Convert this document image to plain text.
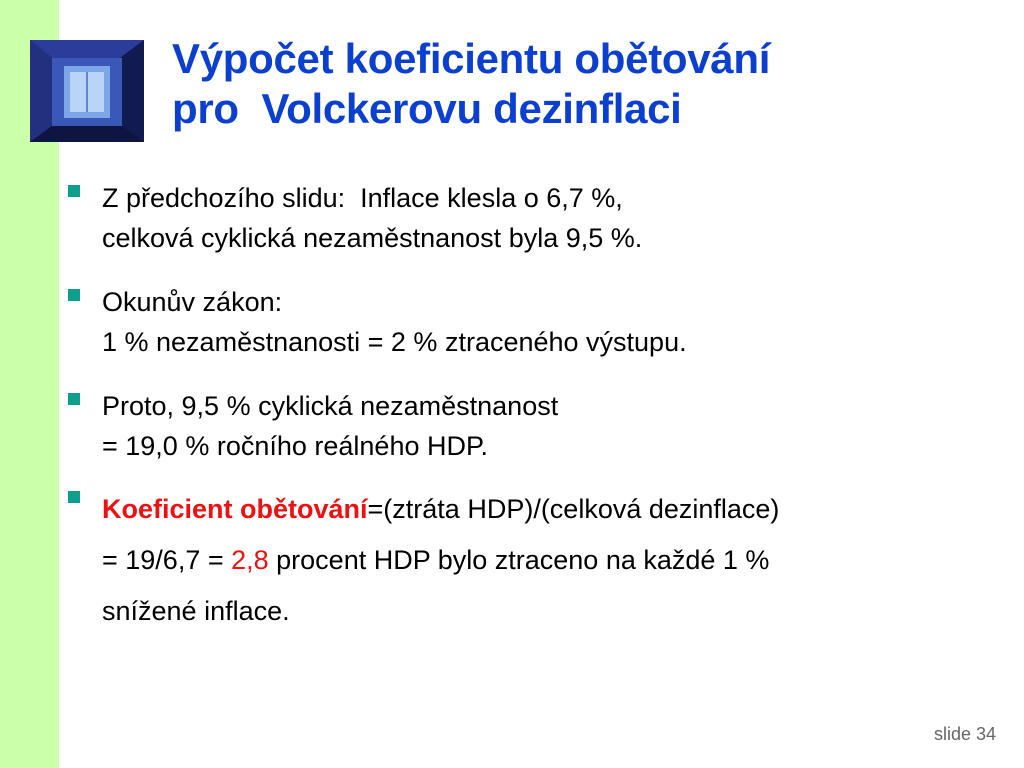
Výpočet koeficientu obětování
pro  Volckerovu dezinflaci
Z předchozího slidu:  Inflace klesla o 6,7 %,
celková cyklická nezaměstnanost byla 9,5 %.
Okunův zákon:
1 % nezaměstnanosti = 2 % ztraceného výstupu.
Proto, 9,5 % cyklická nezaměstnanost
= 19,0 % ročního reálného HDP.
Koeficient obětování=(ztráta HDP)/(celková dezinflace)
= 19/6,7 = 2,8 procent HDP bylo ztraceno na každé 1 %
snížené inflace.
slide 34
